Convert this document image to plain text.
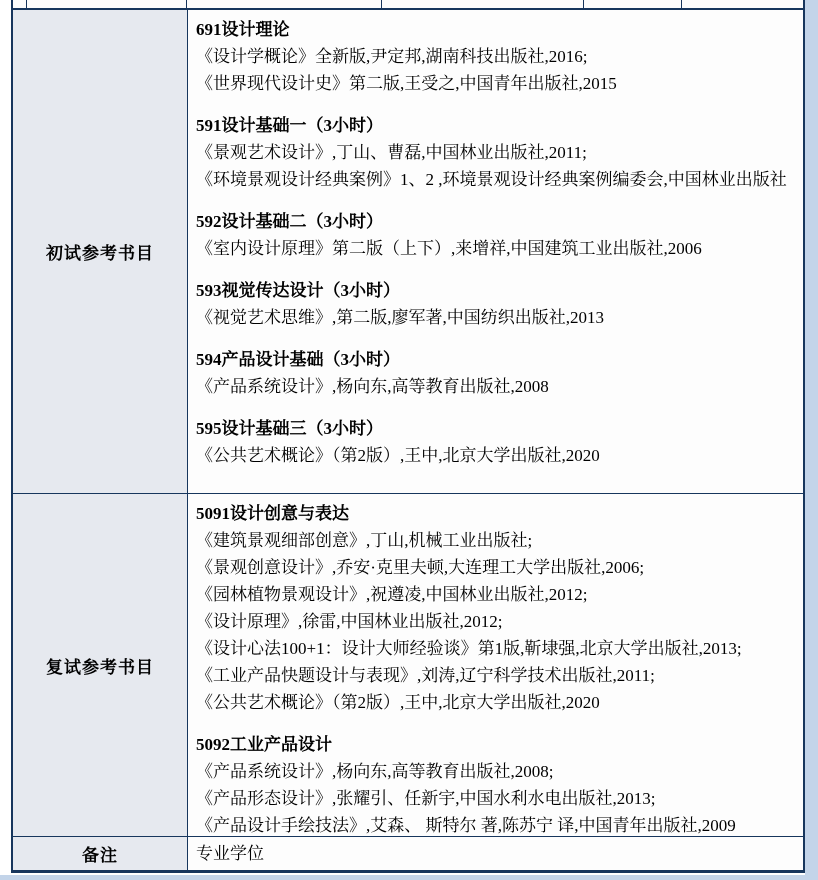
初试参考书目
691设计理论
《设计学概论》全新版,尹定邦,湖南科技出版社,2016;
《世界现代设计史》第二版,王受之,中国青年出版社,2015
591设计基础一（3小时）
《景观艺术设计》,丁山、曹磊,中国林业出版社,2011;
《环境景观设计经典案例》1、2 ,环境景观设计经典案例编委会,中国林业出版社
592设计基础二（3小时）
《室内设计原理》第二版（上下）,来增祥,中国建筑工业出版社,2006
593视觉传达设计（3小时）
《视觉艺术思维》,第二版,廖军著,中国纺织出版社,2013
594产品设计基础（3小时）
《产品系统设计》,杨向东,高等教育出版社,2008
595设计基础三（3小时）
《公共艺术概论》（第2版）,王中,北京大学出版社,2020
复试参考书目
5091设计创意与表达
《建筑景观细部创意》,丁山,机械工业出版社;
《景观创意设计》,乔安·克里夫顿,大连理工大学出版社,2006;
《园林植物景观设计》,祝遵凌,中国林业出版社,2012;
《设计原理》,徐雷,中国林业出版社,2012;
《设计心法100+1：设计大师经验谈》第1版,靳埭强,北京大学出版社,2013;
《工业产品快题设计与表现》,刘涛,辽宁科学技术出版社,2011;
《公共艺术概论》（第2版）,王中,北京大学出版社,2020
5092工业产品设计
《产品系统设计》,杨向东,高等教育出版社,2008;
《产品形态设计》,张耀引、任新宇,中国水利水电出版社,2013;
《产品设计手绘技法》,艾森、 斯特尔 著,陈苏宁 译,中国青年出版社,2009
备注	专业学位
